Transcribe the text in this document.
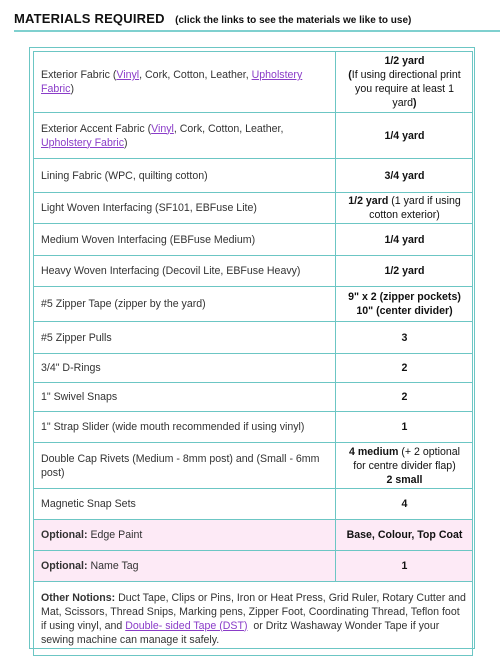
MATERIALS REQUIRED (click the links to see the materials we like to use)
Exterior Fabric (Vinyl, Cork, Cotton, Leather, Upholstery Fabric)	1/2 yard
(If using directional print you require at least 1 yard)
Exterior Accent Fabric (Vinyl, Cork, Cotton, Leather, Upholstery Fabric)	1/4 yard
Lining Fabric (WPC, quilting cotton)	3/4 yard
Light Woven Interfacing (SF101, EBFuse Lite)	1/2 yard (1 yard if using cotton exterior)
Medium Woven Interfacing (EBFuse Medium)	1/4 yard
Heavy Woven Interfacing (Decovil Lite, EBFuse Heavy)	1/2 yard
#5 Zipper Tape (zipper by the yard)	9" x 2 (zipper pockets)
10" (center divider)
#5 Zipper Pulls	3
3/4" D-Rings	2
1" Swivel Snaps	2
1" Strap Slider (wide mouth recommended if using vinyl)	1
Double Cap Rivets (Medium - 8mm post) and (Small - 6mm post)	4 medium (+ 2 optional for centre divider flap)
2 small
Magnetic Snap Sets	4
Optional: Edge Paint	Base, Colour, Top Coat
Optional: Name Tag	1
Other Notions: Duct Tape, Clips or Pins, Iron or Heat Press, Grid Ruler, Rotary Cutter and Mat, Scissors, Thread Snips, Marking pens, Zipper Foot, Coordinating Thread, Teflon foot if using vinyl, and Double- sided Tape (DST) or Dritz Washaway Wonder Tape if your sewing machine can manage it safely.	
